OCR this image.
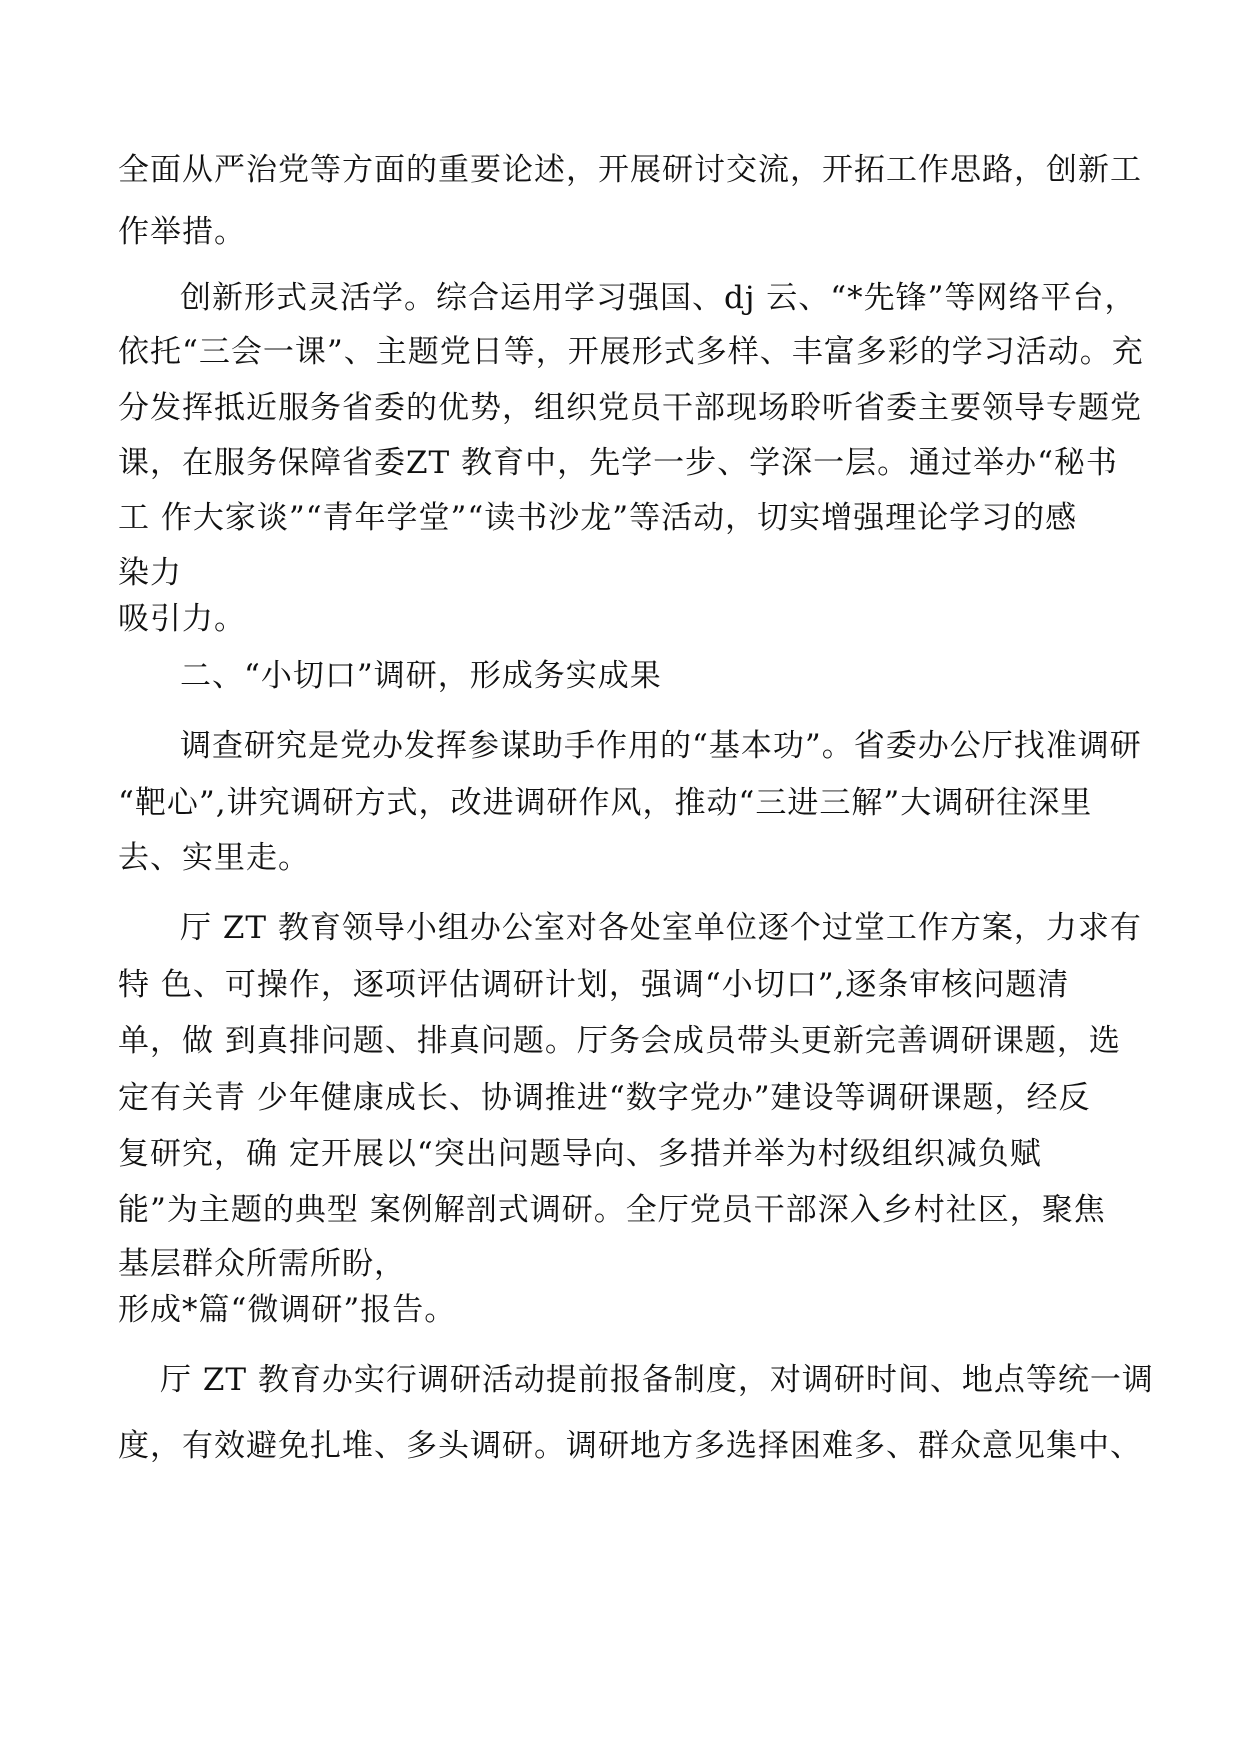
全面从严治党等方面的重要论述，开展研讨交流，开拓工作思路，创新工

作举措。

创新形式灵活学。综合运用学习强国、dj 云、“*先锋”等网络平台，

依托“三会一课”、主题党日等，开展形式多样、丰富多彩的学习活动。充

分发挥抵近服务省委的优势，组织党员干部现场聆听省委主要领导专题党

课，在服务保障省委ZT 教育中，先学一步、学深一层。通过举办“秘书

工 作大家谈”“青年学堂”“读书沙龙”等活动，切实增强理论学习的感

染力

吸引力。

二、“小切口”调研，形成务实成果

调查研究是党办发挥参谋助手作用的“基本功”。省委办公厅找准调研

“靶心”,讲究调研方式，改进调研作风，推动“三进三解”大调研往深里

去、实里走。

厅 ZT 教育领导小组办公室对各处室单位逐个过堂工作方案，力求有

特 色、可操作，逐项评估调研计划，强调“小切口”,逐条审核问题清

单，做 到真排问题、排真问题。厅务会成员带头更新完善调研课题，选

定有关青 少年健康成长、协调推进“数字党办”建设等调研课题，经反

复研究，确 定开展以“突出问题导向、多措并举为村级组织减负赋

能”为主题的典型 案例解剖式调研。全厅党员干部深入乡村社区，聚焦

基层群众所需所盼，

形成*篇“微调研”报告。

厅 ZT 教育办实行调研活动提前报备制度，对调研时间、地点等统一调

度，有效避免扎堆、多头调研。调研地方多选择困难多、群众意见集中、
